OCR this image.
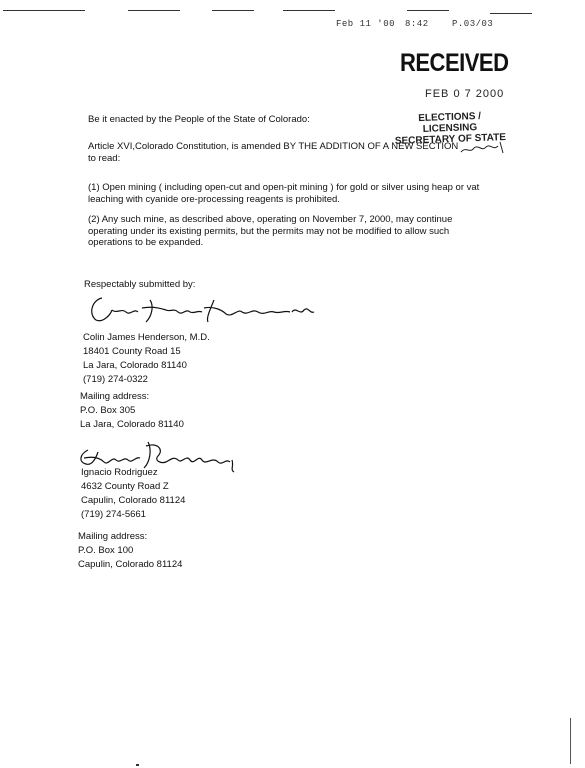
Feb 11 '00 8:42	P.03/03
RECEIVED
FEB 0 7 2000
ELECTIONS / LICENSING
SECRETARY OF STATE
Be it enacted by the People of the State of Colorado:
Article XVI,Colorado Constitution, is amended BY THE ADDITION OF A NEW SECTION to read:
(1) Open mining ( including open-cut and open-pit mining ) for gold or silver using heap or vat leaching with cyanide ore-processing reagents is prohibited.
(2) Any such mine, as described above, operating on November 7, 2000, may continue operating under its existing permits, but the permits may not be modified to allow such operations to be expanded.
Respectably submitted by:
Colin James Henderson, M.D.
18401 County Road 15
La Jara, Colorado 81140
(719) 274-0322
Mailing address:
P.O. Box 305
La Jara, Colorado 81140
Ignacio Rodriguez
4632 County Road Z
Capulin, Colorado 81124
(719) 274-5661
Mailing address:
P.O. Box 100
Capulin, Colorado 81124
